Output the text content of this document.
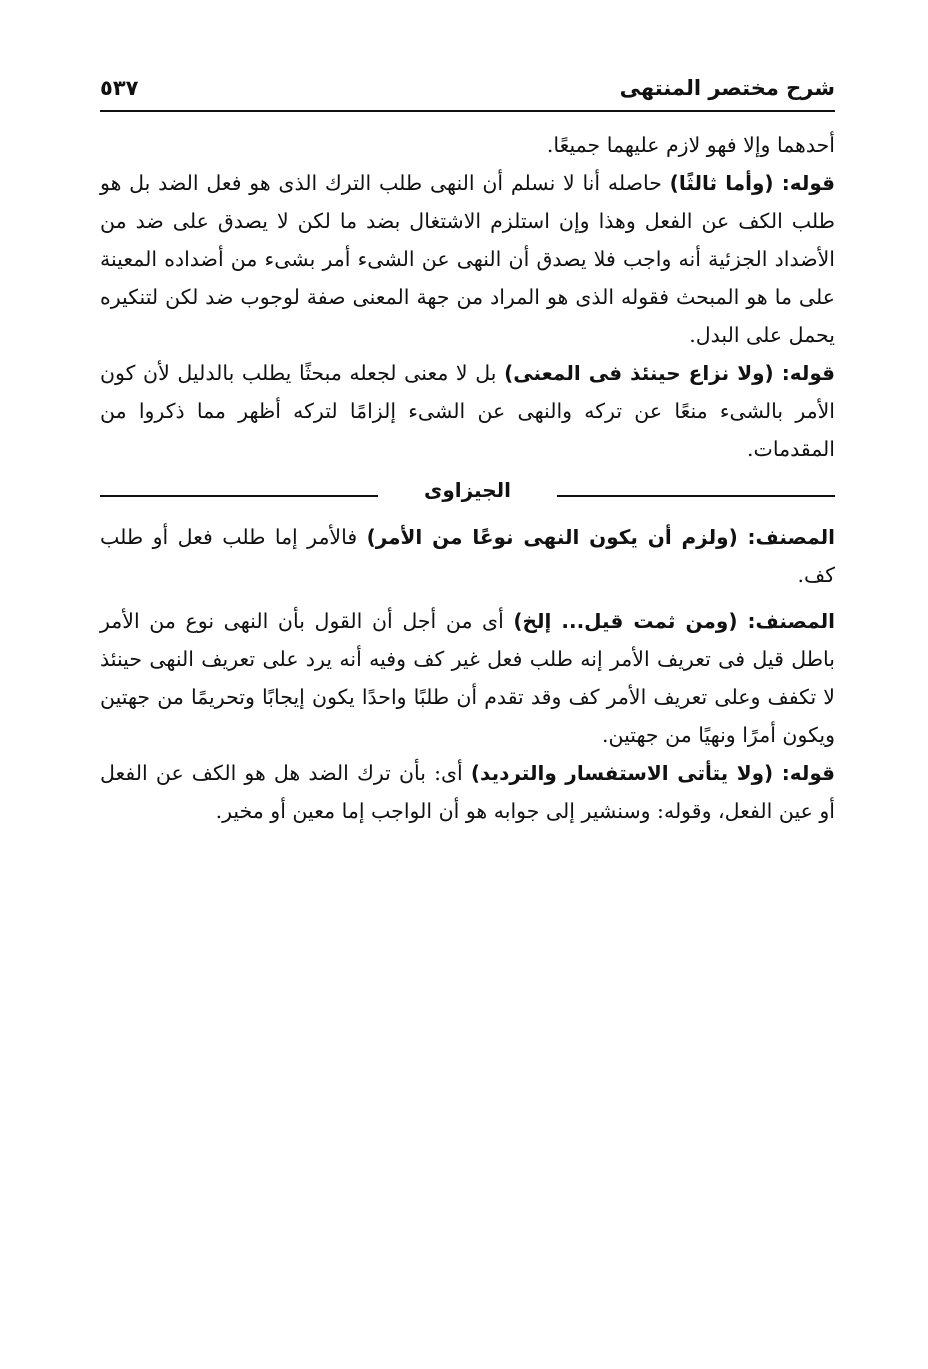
شرح مختصر المنتهى
٥٣٧

أحدهما وإلا فهو لازم عليهما جميعًا.

قوله: (وأما ثالثًا) حاصله أنا لا نسلم أن النهى طلب الترك الذى هو فعل الضد بل هو طلب الكف عن الفعل وهذا وإن استلزم الاشتغال بضد ما لكن لا يصدق على ضد من الأضداد الجزئية أنه واجب فلا يصدق أن النهى عن الشىء أمر بشىء من أضداده المعينة على ما هو المبحث فقوله الذى هو المراد من جهة المعنى صفة لوجوب ضد لكن لتنكيره يحمل على البدل.

قوله: (ولا نزاع حينئذ فى المعنى) بل لا معنى لجعله مبحثًا يطلب بالدليل لأن كون الأمر بالشىء منعًا عن تركه والنهى عن الشىء إلزامًا لتركه أظهر مما ذكروا من المقدمات.

الجيزاوى

المصنف: (ولزم أن يكون النهى نوعًا من الأمر) فالأمر إما طلب فعل أو طلب كف.

المصنف: (ومن ثمت قيل... إلخ) أى من أجل أن القول بأن النهى نوع من الأمر باطل قيل فى تعريف الأمر إنه طلب فعل غير كف وفيه أنه يرد على تعريف النهى حينئذ لا تكفف وعلى تعريف الأمر كف وقد تقدم أن طلبًا واحدًا يكون إيجابًا وتحريمًا من جهتين ويكون أمرًا ونهيًا من جهتين.

قوله: (ولا يتأتى الاستفسار والترديد) أى: بأن ترك الضد هل هو الكف عن الفعل أو عين الفعل، وقوله: وسنشير إلى جوابه هو أن الواجب إما معين أو مخير.
